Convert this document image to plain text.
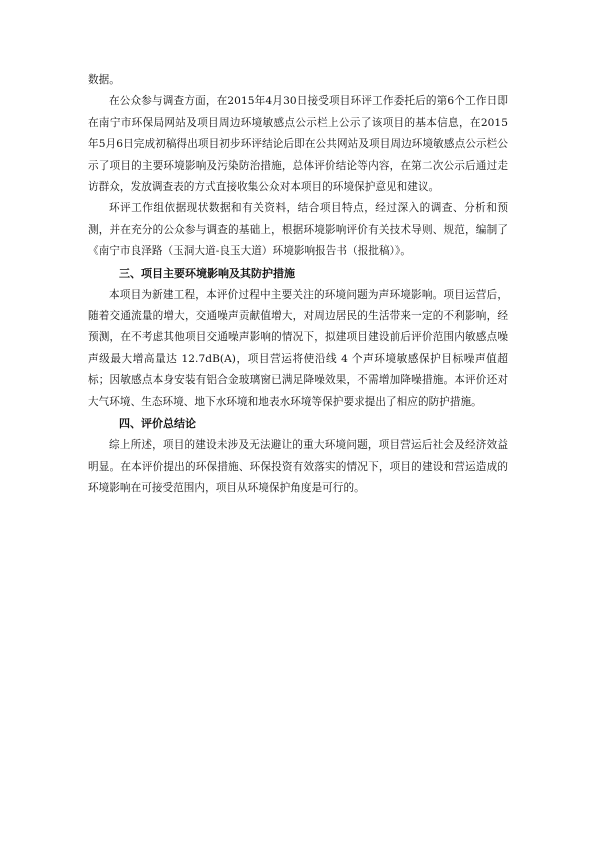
数据。

在公众参与调查方面，在2015年4月30日接受项目环评工作委托后的第6个工作日即在南宁市环保局网站及项目周边环境敏感点公示栏上公示了该项目的基本信息，在2015年5月6日完成初稿得出项目初步环评结论后即在公共网站及项目周边环境敏感点公示栏公示了项目的主要环境影响及污染防治措施，总体评价结论等内容，在第二次公示后通过走访群众，发放调查表的方式直接收集公众对本项目的环境保护意见和建议。

环评工作组依据现状数据和有关资料，结合项目特点，经过深入的调查、分析和预测，并在充分的公众参与调查的基础上，根据环境影响评价有关技术导则、规范，编制了《南宁市良泽路（玉洞大道-良玉大道）环境影响报告书（报批稿）》。

三、项目主要环境影响及其防护措施

本项目为新建工程，本评价过程中主要关注的环境问题为声环境影响。项目运营后，随着交通流量的增大，交通噪声贡献值增大，对周边居民的生活带来一定的不利影响，经预测，在不考虑其他项目交通噪声影响的情况下，拟建项目建设前后评价范围内敏感点噪声级最大增高量达 12.7dB(A)，项目营运将使沿线 4 个声环境敏感保护目标噪声值超标；因敏感点本身安装有铝合金玻璃窗已满足降噪效果，不需增加降噪措施。本评价还对大气环境、生态环境、地下水环境和地表水环境等保护要求提出了相应的防护措施。

四、评价总结论

综上所述，项目的建设未涉及无法避让的重大环境问题，项目营运后社会及经济效益明显。在本评价提出的环保措施、环保投资有效落实的情况下，项目的建设和营运造成的环境影响在可接受范围内，项目从环境保护角度是可行的。
